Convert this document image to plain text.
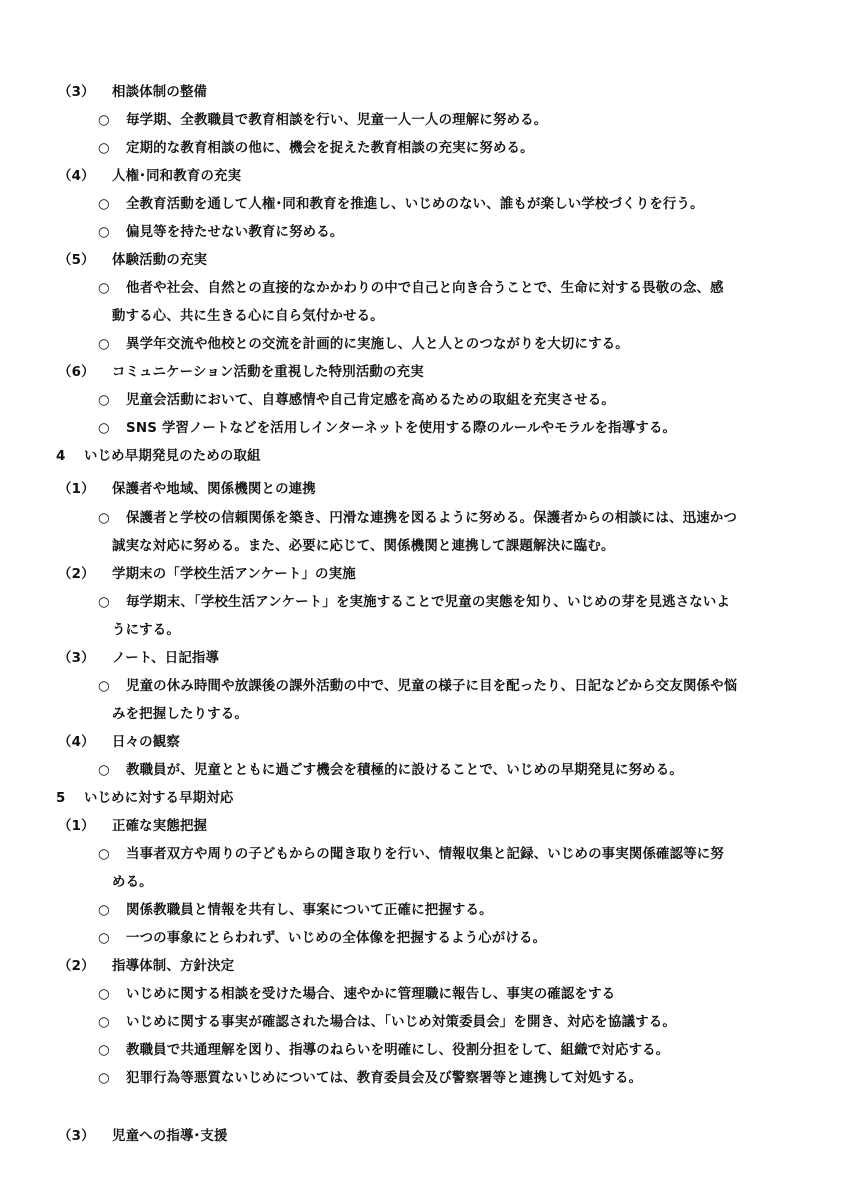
（3） 相談体制の整備
○ 毎学期、全教職員で教育相談を行い、児童一人一人の理解に努める。
○ 定期的な教育相談の他に、機会を捉えた教育相談の充実に努める。
（4） 人権･同和教育の充実
○ 全教育活動を通して人権･同和教育を推進し、いじめのない、誰もが楽しい学校づくりを行う。
○ 偏見等を持たせない教育に努める。
（5） 体験活動の充実
○ 他者や社会、自然との直接的なかかわりの中で自己と向き合うことで、生命に対する畏敬の念、感
動する心、共に生きる心に自ら気付かせる。
○ 異学年交流や他校との交流を計画的に実施し、人と人とのつながりを大切にする。
（6） コミュニケーション活動を重視した特別活動の充実
○ 児童会活動において、自尊感情や自己肯定感を高めるための取組を充実させる。
○ SNS 学習ノートなどを活用しインターネットを使用する際のルールやモラルを指導する。
4 いじめ早期発見のための取組
（1） 保護者や地域、関係機関との連携
○ 保護者と学校の信頼関係を築き、円滑な連携を図るように努める。保護者からの相談には、迅速かつ
誠実な対応に努める。また、必要に応じて、関係機関と連携して課題解決に臨む。
（2） 学期末の「学校生活アンケート」の実施
○ 毎学期末、「学校生活アンケート」を実施することで児童の実態を知り、いじめの芽を見逃さないよ
うにする。
（3） ノート、日記指導
○ 児童の休み時間や放課後の課外活動の中で、児童の様子に目を配ったり、日記などから交友関係や悩
みを把握したりする。
（4） 日々の観察
○ 教職員が、児童とともに過ごす機会を積極的に設けることで、いじめの早期発見に努める。
5 いじめに対する早期対応
（1） 正確な実態把握
○ 当事者双方や周りの子どもからの聞き取りを行い、情報収集と記録、いじめの事実関係確認等に努
める。
○ 関係教職員と情報を共有し、事案について正確に把握する。
○ 一つの事象にとらわれず、いじめの全体像を把握するよう心がける。
（2） 指導体制、方針決定
○ いじめに関する相談を受けた場合、速やかに管理職に報告し、事実の確認をする
○ いじめに関する事実が確認された場合は、「いじめ対策委員会」を開き、対応を協議する。
○ 教職員で共通理解を図り、指導のねらいを明確にし、役割分担をして、組織で対応する。
○ 犯罪行為等悪質ないじめについては、教育委員会及び警察署等と連携して対処する。
（3） 児童への指導･支援
